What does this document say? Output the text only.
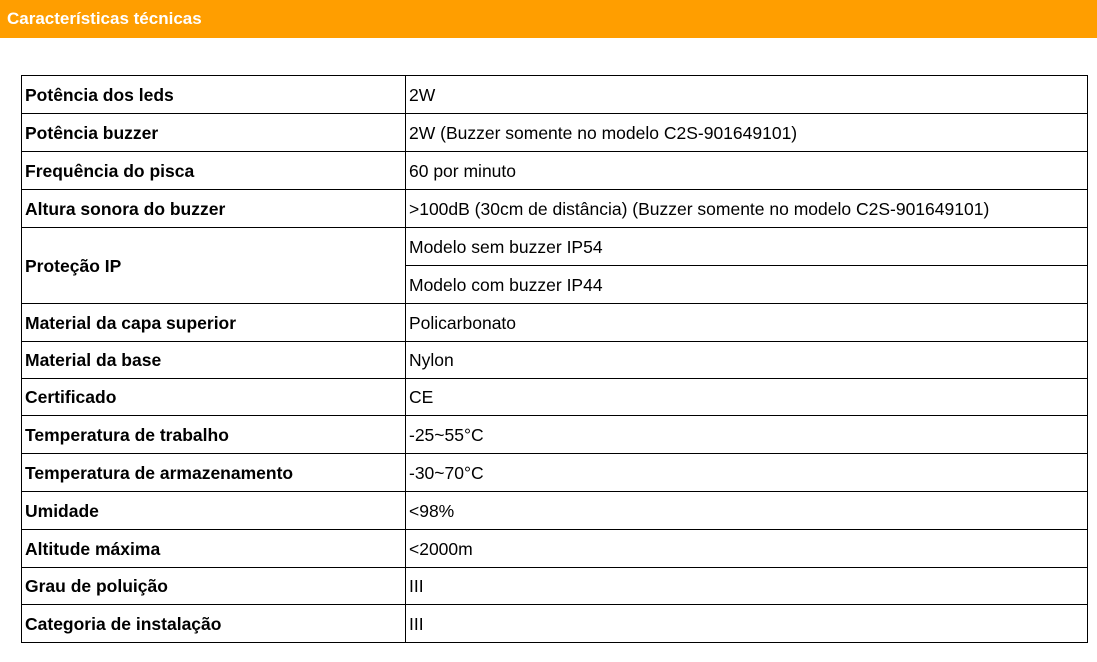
Características técnicas
Potência dos leds	2W
Potência buzzer	2W (Buzzer somente no modelo C2S-901649101)
Frequência do pisca	60 por minuto
Altura sonora do buzzer	>100dB (30cm de distância) (Buzzer somente no modelo C2S-901649101)
Proteção IP	Modelo sem buzzer IP54
	Modelo com buzzer IP44
Material da capa superior	Policarbonato
Material da base	Nylon
Certificado	CE
Temperatura de trabalho	-25~55°C
Temperatura de armazenamento	-30~70°C
Umidade	<98%
Altitude máxima	<2000m
Grau de poluição	III
Categoria de instalação	III
